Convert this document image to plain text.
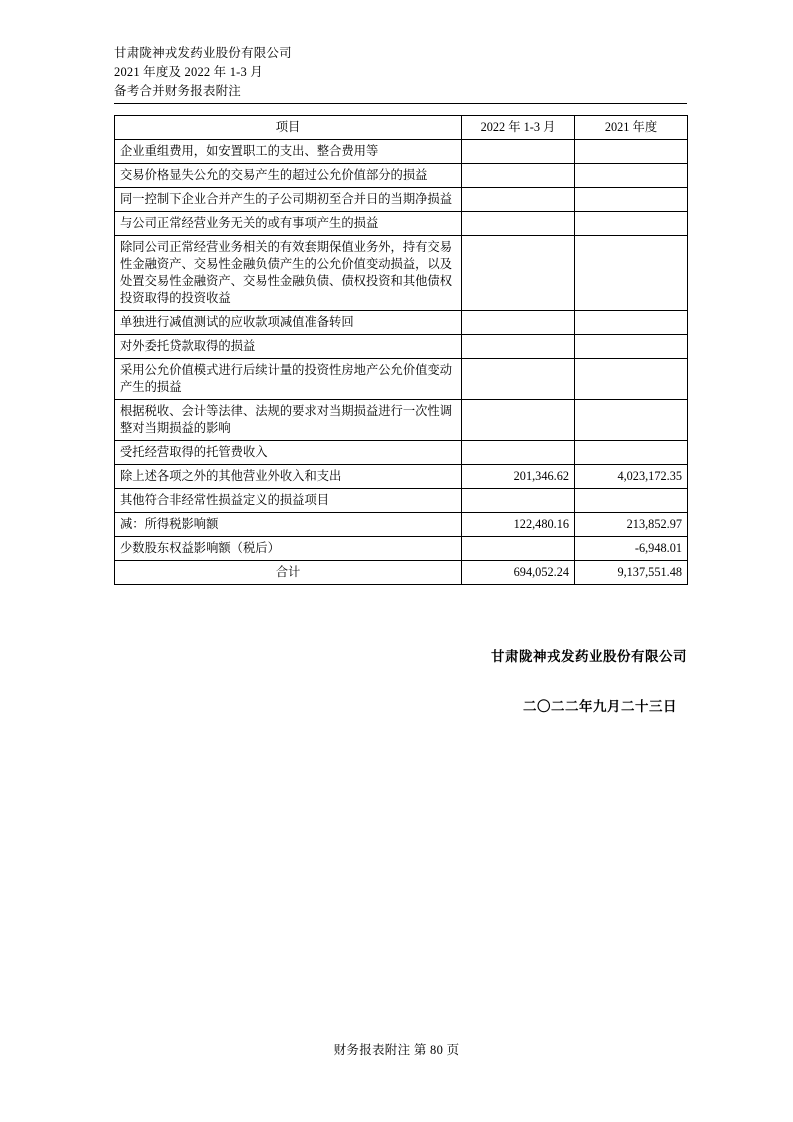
甘肃陇神戎发药业股份有限公司
2021 年度及 2022 年 1-3 月
备考合并财务报表附注
项目	2022 年 1-3 月	2021 年度
企业重组费用，如安置职工的支出、整合费用等		
交易价格显失公允的交易产生的超过公允价值部分的损益		
同一控制下企业合并产生的子公司期初至合并日的当期净损益		
与公司正常经营业务无关的或有事项产生的损益		
除同公司正常经营业务相关的有效套期保值业务外，持有交易性金融资产、交易性金融负债产生的公允价值变动损益，以及处置交易性金融资产、交易性金融负债、债权投资和其他债权投资取得的投资收益		
单独进行减值测试的应收款项减值准备转回		
对外委托贷款取得的损益		
采用公允价值模式进行后续计量的投资性房地产公允价值变动产生的损益		
根据税收、会计等法律、法规的要求对当期损益进行一次性调整对当期损益的影响		
受托经营取得的托管费收入		
除上述各项之外的其他营业外收入和支出	201,346.62	4,023,172.35
其他符合非经常性损益定义的损益项目		
减：所得税影响额	122,480.16	213,852.97
少数股东权益影响额（税后）		-6,948.01
合计	694,052.24	9,137,551.48
甘肃陇神戎发药业股份有限公司
二〇二二年九月二十三日
财务报表附注 第 80 页
